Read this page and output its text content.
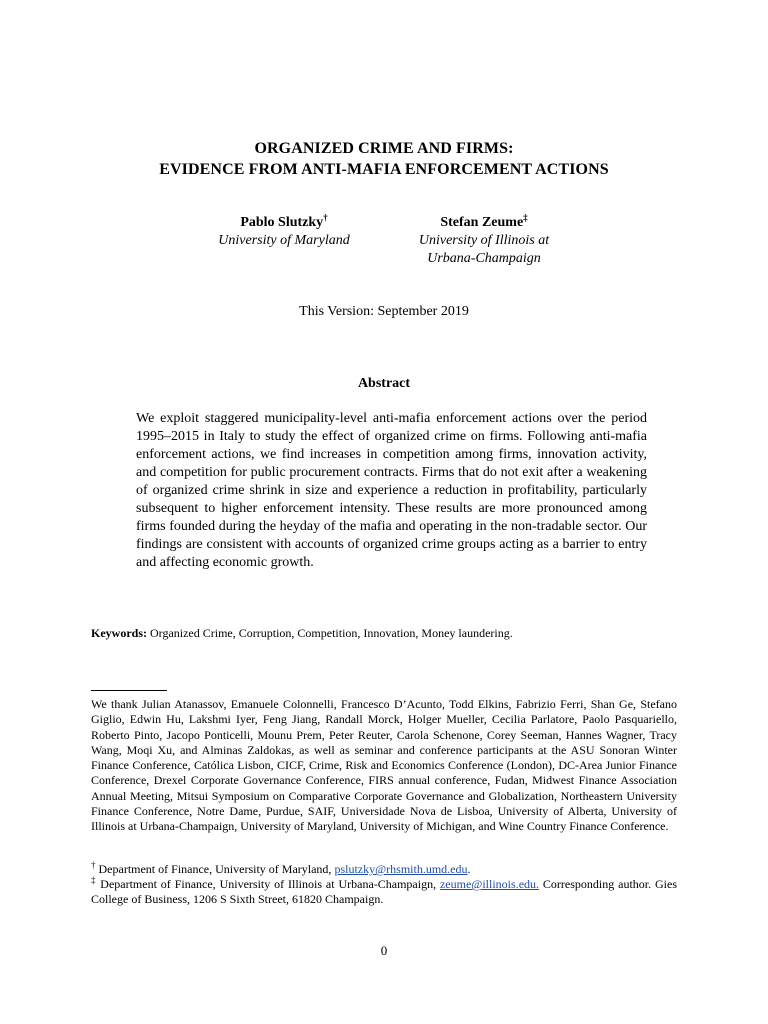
ORGANIZED CRIME AND FIRMS:
EVIDENCE FROM ANTI-MAFIA ENFORCEMENT ACTIONS
Pablo Slutzky†
University of Maryland
Stefan Zeume‡
University of Illinois at
Urbana-Champaign
This Version: September 2019
Abstract
We exploit staggered municipality-level anti-mafia enforcement actions over the period 1995–2015 in Italy to study the effect of organized crime on firms. Following anti-mafia enforcement actions, we find increases in competition among firms, innovation activity, and competition for public procurement contracts. Firms that do not exit after a weakening of organized crime shrink in size and experience a reduction in profitability, particularly subsequent to higher enforcement intensity. These results are more pronounced among firms founded during the heyday of the mafia and operating in the non-tradable sector. Our findings are consistent with accounts of organized crime groups acting as a barrier to entry and affecting economic growth.
Keywords: Organized Crime, Corruption, Competition, Innovation, Money laundering.
We thank Julian Atanassov, Emanuele Colonnelli, Francesco D’Acunto, Todd Elkins, Fabrizio Ferri, Shan Ge, Stefano Giglio, Edwin Hu, Lakshmi Iyer, Feng Jiang, Randall Morck, Holger Mueller, Cecilia Parlatore, Paolo Pasquariello, Roberto Pinto, Jacopo Ponticelli, Mounu Prem, Peter Reuter, Carola Schenone, Corey Seeman, Hannes Wagner, Tracy Wang, Moqi Xu, and Alminas Zaldokas, as well as seminar and conference participants at the ASU Sonoran Winter Finance Conference, Católica Lisbon, CICF, Crime, Risk and Economics Conference (London), DC-Area Junior Finance Conference, Drexel Corporate Governance Conference, FIRS annual conference, Fudan, Midwest Finance Association Annual Meeting, Mitsui Symposium on Comparative Corporate Governance and Globalization, Northeastern University Finance Conference, Notre Dame, Purdue, SAIF, Universidade Nova de Lisboa, University of Alberta, University of Illinois at Urbana-Champaign, University of Maryland, University of Michigan, and Wine Country Finance Conference.
† Department of Finance, University of Maryland, pslutzky@rhsmith.umd.edu.
‡ Department of Finance, University of Illinois at Urbana-Champaign, zeume@illinois.edu. Corresponding author. Gies College of Business, 1206 S Sixth Street, 61820 Champaign.
0
